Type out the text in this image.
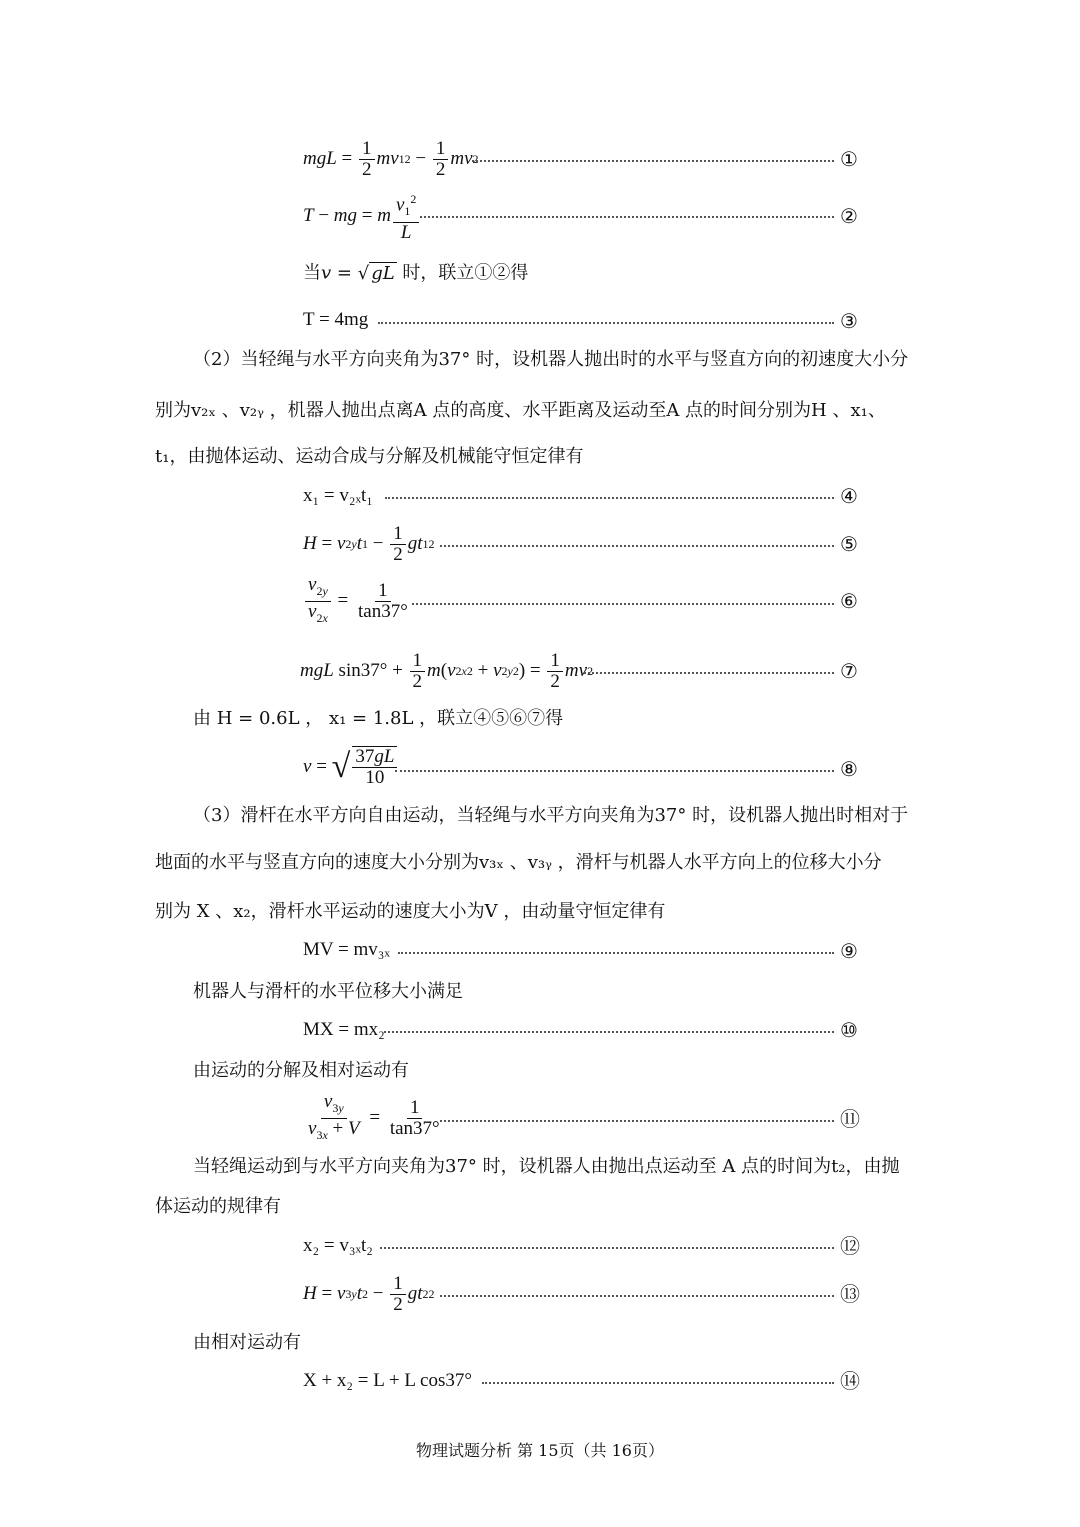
mgL = $\frac{1}{2}$ mv 1 $2 - \frac{1}{2}$ mv 2	①
T − mg = m $\frac{v_1^2}{L}$	②
当v = √ gL 时，联立①②得
T = 4mg	③
（2）当轻绳与水平方向夹角为37° 时，设机器人抛出时的水平与竖直方向的初速度大小分
别为v₂ₓ 、v₂ᵧ ，机器人抛出点离A 点的高度、水平距离及运动至A 点的时间分别为H 、x₁、
t₁，由抛体运动、运动合成与分解及机械能守恒定律有
x₁ = v₂ₓt₁	④
H = v 2y t $1 - \frac{1}{2}$ gt 1 2	⑤
$\frac{v_{2y}}{v_{2x}} = \frac{1}{\tan 37^\circ}$	⑥
mgL $\sin 37^\circ + \frac{1}{2}$ m ( v 2x 2 + v 2y 2 ) = $\frac{1}{2}$ mv 2	⑦
由 H = 0.6L ， x₁ = 1.8L ，联立④⑤⑥⑦得
v = √ $\frac{37gL}{10}$	⑧
（3）滑杆在水平方向自由运动，当轻绳与水平方向夹角为37° 时，设机器人抛出时相对于
地面的水平与竖直方向的速度大小分别为v₃ₓ 、v₃ᵧ ，滑杆与机器人水平方向上的位移大小分
别为 X 、x₂，滑杆水平运动的速度大小为V ，由动量守恒定律有
MV = mv₃ₓ	⑨
机器人与滑杆的水平位移大小满足
MX = mx₂	⑩
由运动的分解及相对运动有
$\frac{v_{3y}}{v_{3x} + V} = \frac{1}{\tan 37^\circ}$	⑪
当轻绳运动到与水平方向夹角为37° 时，设机器人由抛出点运动至 A 点的时间为t₂，由抛
体运动的规律有
x₂ = v₃ₓt₂	⑫
H = v 3y t $2 - \frac{1}{2}$ gt 2 2	⑬
由相对运动有
X + x₂ = L + L cos37°	⑭
物理试题分析 第 15页（共 16页）
